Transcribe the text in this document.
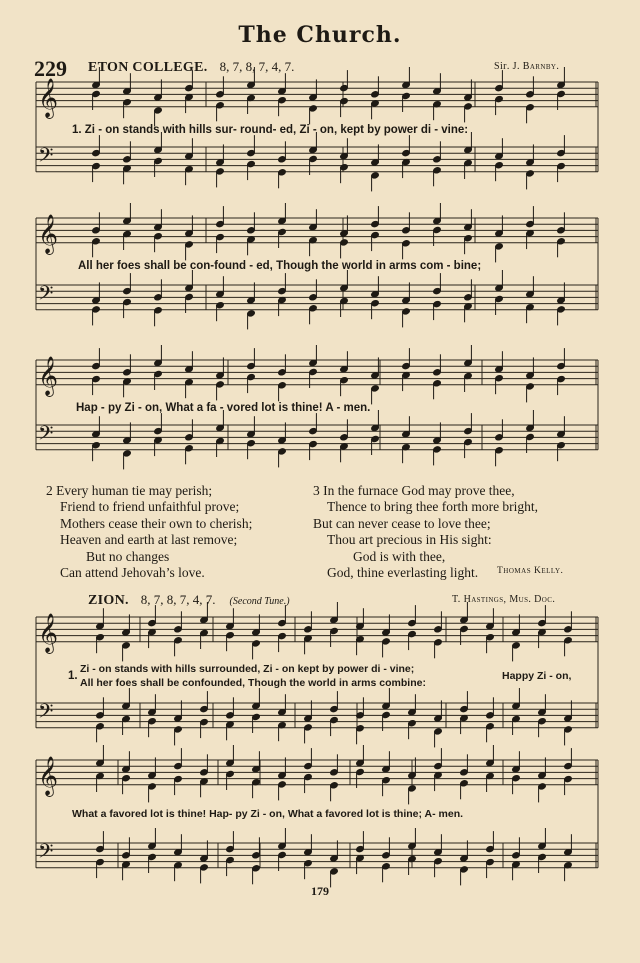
The Church.
229 ETON COLLEGE. 8, 7, 8, 7, 4, 7.	Sir. J. Barnby.
𝄞
𝄢
𝄞
𝄢
𝄞
𝄢
𝄞
𝄢
𝄞
𝄢
1. Zi - on stands with hills sur- round- ed, Zi - on, kept by power di - vine:
All her foes shall be con-found - ed, Though the world in arms com - bine;
Hap - py Zi - on, What a fa - vored lot is thine! A - men.
2 Every human tie may perish;
Friend to friend unfaithful prove;
Mothers cease their own to cherish;
Heaven and earth at last remove;
But no changes
Can attend Jehovah’s love.
3 In the furnace God may prove thee,
Thence to bring thee forth more bright,
But can never cease to love thee;
Thou art precious in His sight:
God is with thee,
God, thine everlasting light.	Thomas Kelly.
ZION. 8, 7, 8, 7, 4, 7. (Second Tune.)	T. Hastings, Mus. Doc.
1.
Zi - on stands with hills surrounded, Zi - on kept by power di - vine;
All her foes shall be confounded, Though the world in arms combine:
Happy Zi - on,
What a favored lot is thine! Hap- py Zi - on, What a favored lot is thine; A- men.
179
